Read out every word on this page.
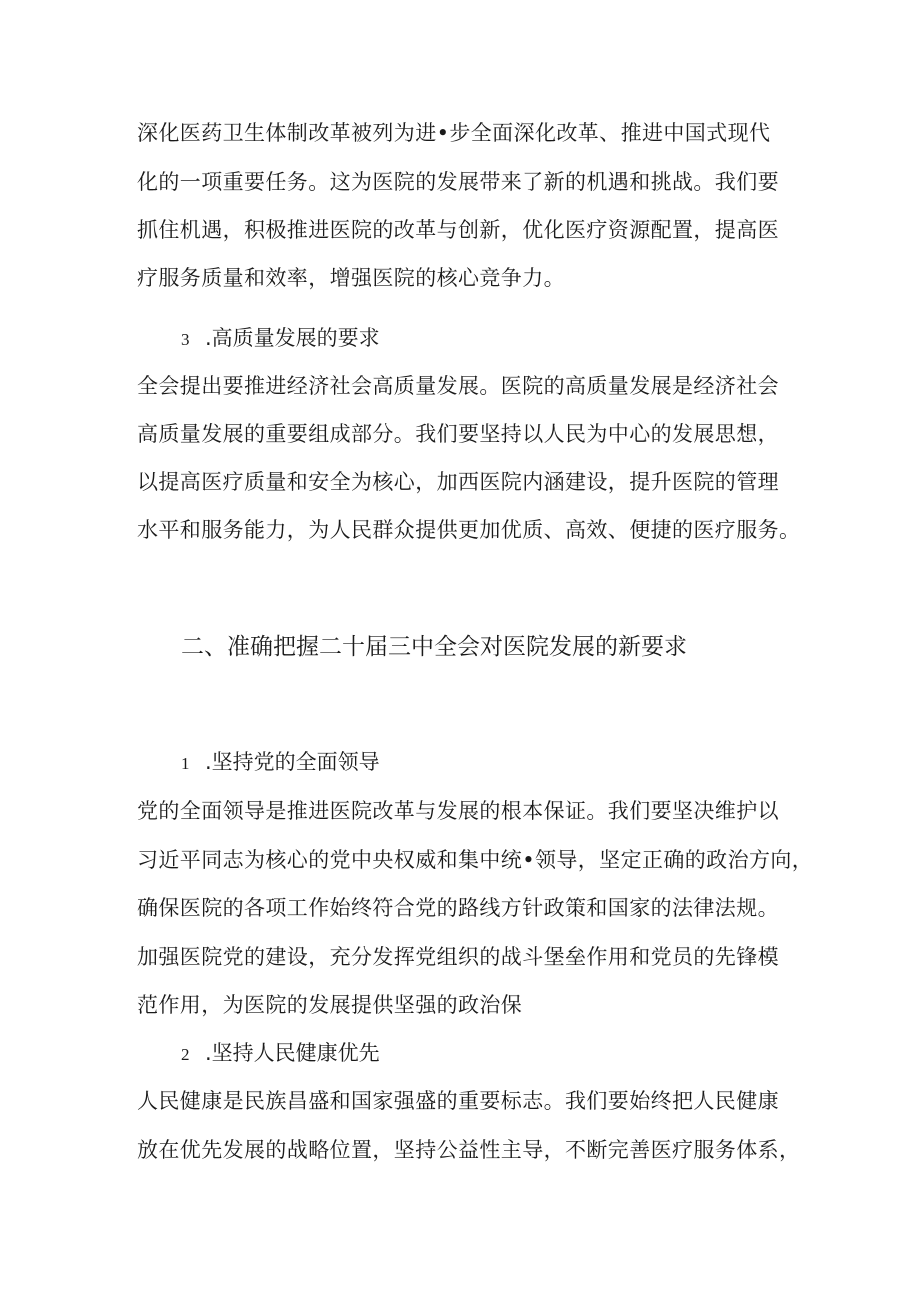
深化医药卫生体制改革被列为进•步全面深化改革、推进中国式现代
化的一项重要任务。这为医院的发展带来了新的机遇和挑战。我们要
抓住机遇，积极推进医院的改革与创新，优化医疗资源配置，提高医
疗服务质量和效率，增强医院的核心竞争力。
3 .高质量发展的要求
全会提出要推进经济社会高质量发展。医院的高质量发展是经济社会
高质量发展的重要组成部分。我们要坚持以人民为中心的发展思想，
以提高医疗质量和安全为核心，加西医院内涵建设，提升医院的管理
水平和服务能力，为人民群众提供更加优质、高效、便捷的医疗服务。
二、准确把握二十届三中全会对医院发展的新要求
1 .坚持党的全面领导
党的全面领导是推进医院改革与发展的根本保证。我们要坚决维护以
习近平同志为核心的党中央权威和集中统•领导，坚定正确的政治方向，
确保医院的各项工作始终符合党的路线方针政策和国家的法律法规。
加强医院党的建设，充分发挥党组织的战斗堡垒作用和党员的先锋模
范作用，为医院的发展提供坚强的政治保
2 .坚持人民健康优先
人民健康是民族昌盛和国家强盛的重要标志。我们要始终把人民健康
放在优先发展的战略位置，坚持公益性主导，不断完善医疗服务体系，
